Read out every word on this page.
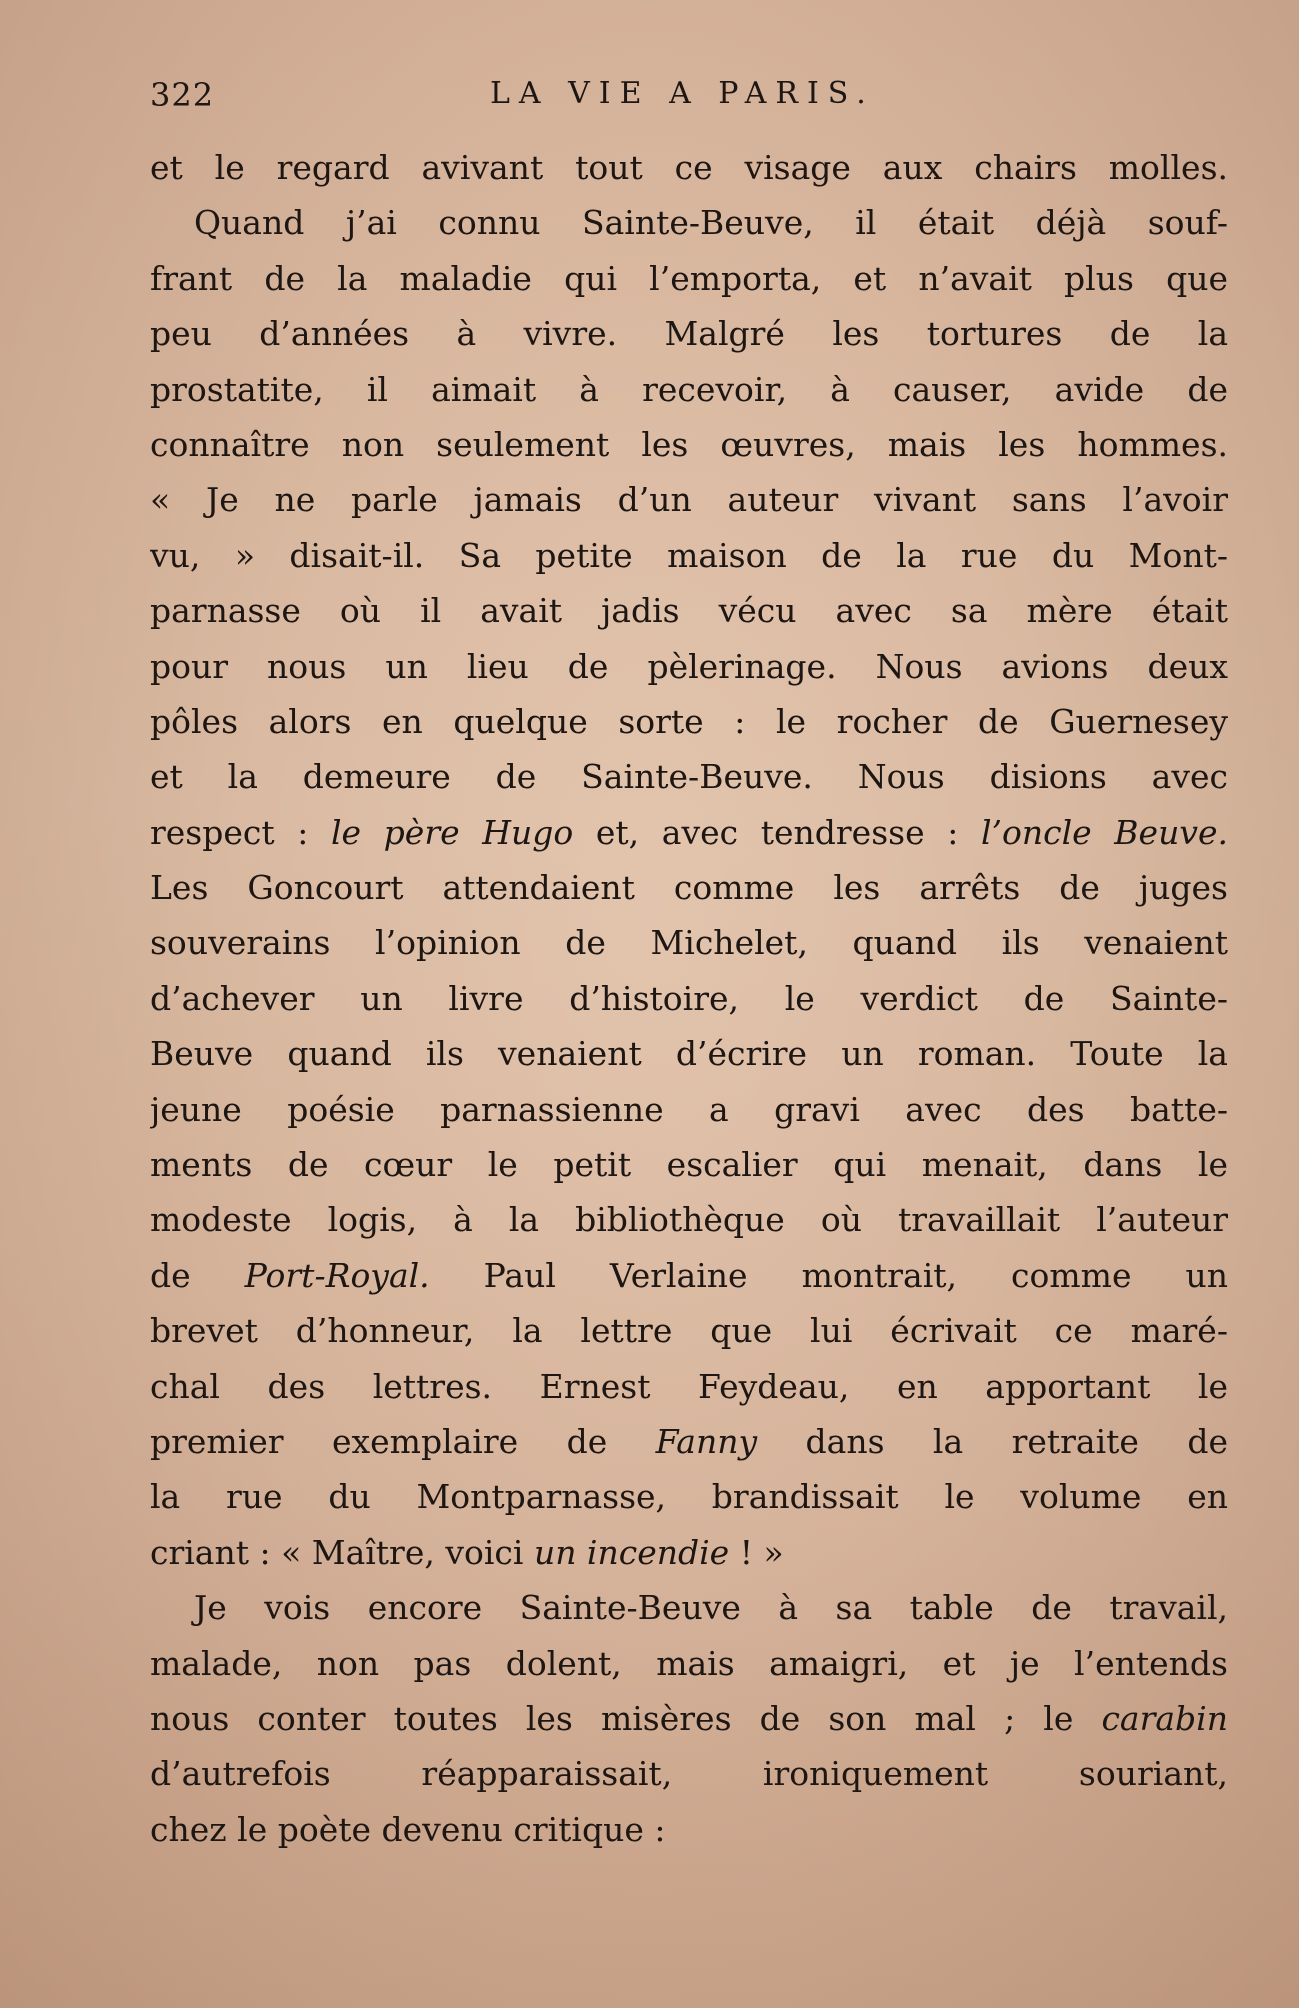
322	LA VIE A PARIS.
et le regard avivant tout ce visage aux chairs molles.
Quand j’ai connu Sainte-Beuve, il était déjà souf-
frant de la maladie qui l’emporta, et n’avait plus que
peu d’années à vivre. Malgré les tortures de la
prostatite, il aimait à recevoir, à causer, avide de
connaître non seulement les œuvres, mais les hommes.
« Je ne parle jamais d’un auteur vivant sans l’avoir
vu, » disait-il. Sa petite maison de la rue du Mont-
parnasse où il avait jadis vécu avec sa mère était
pour nous un lieu de pèlerinage. Nous avions deux
pôles alors en quelque sorte : le rocher de Guernesey
et la demeure de Sainte-Beuve. Nous disions avec
respect : le père Hugo et, avec tendresse : l’oncle Beuve.
Les Goncourt attendaient comme les arrêts de juges
souverains l’opinion de Michelet, quand ils venaient
d’achever un livre d’histoire, le verdict de Sainte-
Beuve quand ils venaient d’écrire un roman. Toute la
jeune poésie parnassienne a gravi avec des batte-
ments de cœur le petit escalier qui menait, dans le
modeste logis, à la bibliothèque où travaillait l’auteur
de Port-Royal. Paul Verlaine montrait, comme un
brevet d’honneur, la lettre que lui écrivait ce maré-
chal des lettres. Ernest Feydeau, en apportant le
premier exemplaire de Fanny dans la retraite de
la rue du Montparnasse, brandissait le volume en
criant : « Maître, voici un incendie ! »
Je vois encore Sainte-Beuve à sa table de travail,
malade, non pas dolent, mais amaigri, et je l’entends
nous conter toutes les misères de son mal ; le carabin
d’autrefois réapparaissait, ironiquement souriant,
chez le poète devenu critique :
